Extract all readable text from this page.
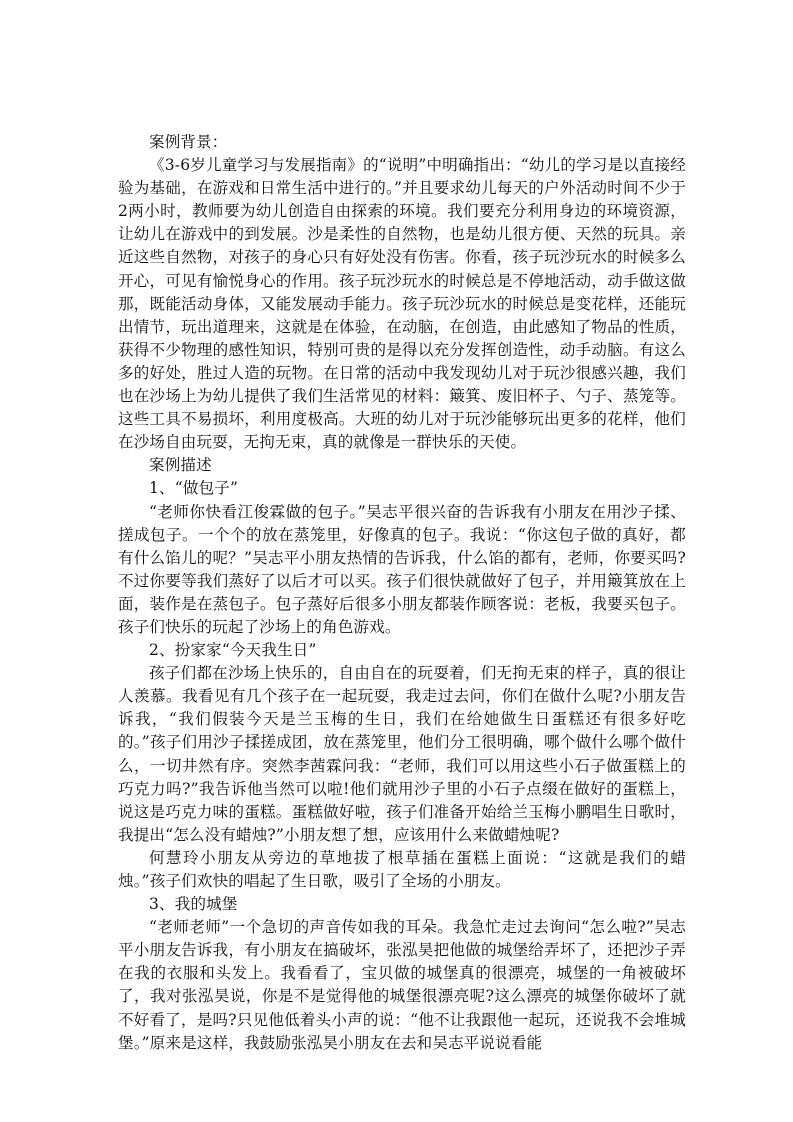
案例背景：

《3-6岁儿童学习与发展指南》的“说明”中明确指出：“幼儿的学习是以直接经验为基础，在游戏和日常生活中进行的。”并且要求幼儿每天的户外活动时间不少于2两小时，教师要为幼儿创造自由探索的环境。我们要充分利用身边的环境资源，让幼儿在游戏中的到发展。沙是柔性的自然物，也是幼儿很方便、天然的玩具。亲近这些自然物，对孩子的身心只有好处没有伤害。你看，孩子玩沙玩水的时候多么开心，可见有愉悦身心的作用。孩子玩沙玩水的时候总是不停地活动，动手做这做那，既能活动身体，又能发展动手能力。孩子玩沙玩水的时候总是变花样，还能玩出情节，玩出道理来，这就是在体验，在动脑，在创造，由此感知了物品的性质，获得不少物理的感性知识，特别可贵的是得以充分发挥创造性，动手动脑。有这么多的好处，胜过人造的玩物。在日常的活动中我发现幼儿对于玩沙很感兴趣，我们也在沙场上为幼儿提供了我们生活常见的材料：簸箕、废旧杯子、勺子、蒸笼等。这些工具不易损坏，利用度极高。大班的幼儿对于玩沙能够玩出更多的花样，他们在沙场自由玩耍，无拘无束，真的就像是一群快乐的天使。

案例描述

1、“做包子”

“老师你快看江俊霖做的包子。”吴志平很兴奋的告诉我有小朋友在用沙子揉、搓成包子。一个个的放在蒸笼里，好像真的包子。我说：“你这包子做的真好，都有什么馅儿的呢？”吴志平小朋友热情的告诉我，什么馅的都有，老师，你要买吗?不过你要等我们蒸好了以后才可以买。孩子们很快就做好了包子，并用簸箕放在上面，装作是在蒸包子。包子蒸好后很多小朋友都装作顾客说：老板，我要买包子。孩子们快乐的玩起了沙场上的角色游戏。

2、扮家家“今天我生日”

孩子们都在沙场上快乐的，自由自在的玩耍着，们无拘无束的样子，真的很让人羡慕。我看见有几个孩子在一起玩耍，我走过去问，你们在做什么呢?小朋友告诉我，“我们假装今天是兰玉梅的生日，我们在给她做生日蛋糕还有很多好吃的。”孩子们用沙子揉搓成团，放在蒸笼里，他们分工很明确，哪个做什么哪个做什么，一切井然有序。突然李茜霖问我：“老师，我们可以用这些小石子做蛋糕上的巧克力吗?”我告诉他当然可以啦!他们就用沙子里的小石子点缀在做好的蛋糕上，说这是巧克力味的蛋糕。蛋糕做好啦，孩子们准备开始给兰玉梅小鹏唱生日歌时，我提出“怎么没有蜡烛?”小朋友想了想，应该用什么来做蜡烛呢?

何慧玲小朋友从旁边的草地拔了根草插在蛋糕上面说：“这就是我们的蜡烛。”孩子们欢快的唱起了生日歌，吸引了全场的小朋友。

3、我的城堡

“老师老师”一个急切的声音传如我的耳朵。我急忙走过去询问“怎么啦?”吴志平小朋友告诉我，有小朋友在搞破坏，张泓昊把他做的城堡给弄坏了，还把沙子弄在我的衣服和头发上。我看看了，宝贝做的城堡真的很漂亮，城堡的一角被破坏了，我对张泓昊说，你是不是觉得他的城堡很漂亮呢?这么漂亮的城堡你破坏了就不好看了，是吗?只见他低着头小声的说：“他不让我跟他一起玩，还说我不会堆城堡。”原来是这样，我鼓励张泓昊小朋友在去和吴志平说说看能
